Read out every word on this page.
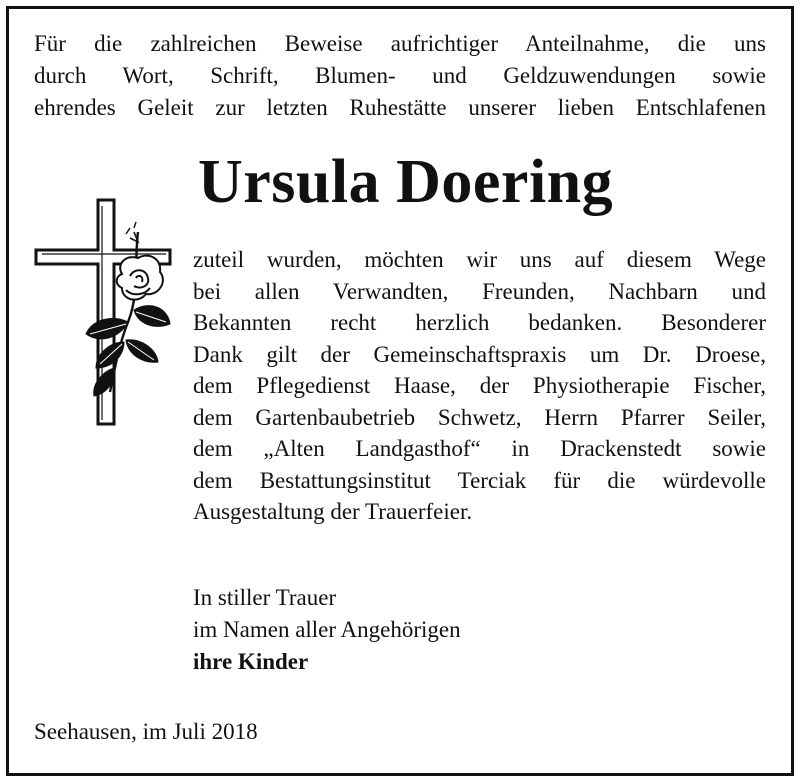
Für die zahlreichen Beweise aufrichtiger Anteilnahme, die uns
durch Wort, Schrift, Blumen- und Geldzuwendungen sowie
ehrendes Geleit zur letzten Ruhestätte unserer lieben Entschlafenen
Ursula Doering
zuteil wurden, möchten wir uns auf diesem Wege
bei allen Verwandten, Freunden, Nachbarn und
Bekannten recht herzlich bedanken. Besonderer
Dank gilt der Gemeinschaftspraxis um Dr. Droese,
dem Pflegedienst Haase, der Physiotherapie Fischer,
dem Gartenbaubetrieb Schwetz, Herrn Pfarrer Seiler,
dem „Alten Landgasthof“ in Drackenstedt sowie
dem Bestattungsinstitut Terciak für die würdevolle
Ausgestaltung der Trauerfeier.
In stiller Trauer
im Namen aller Angehörigen
ihre Kinder
Seehausen, im Juli 2018
